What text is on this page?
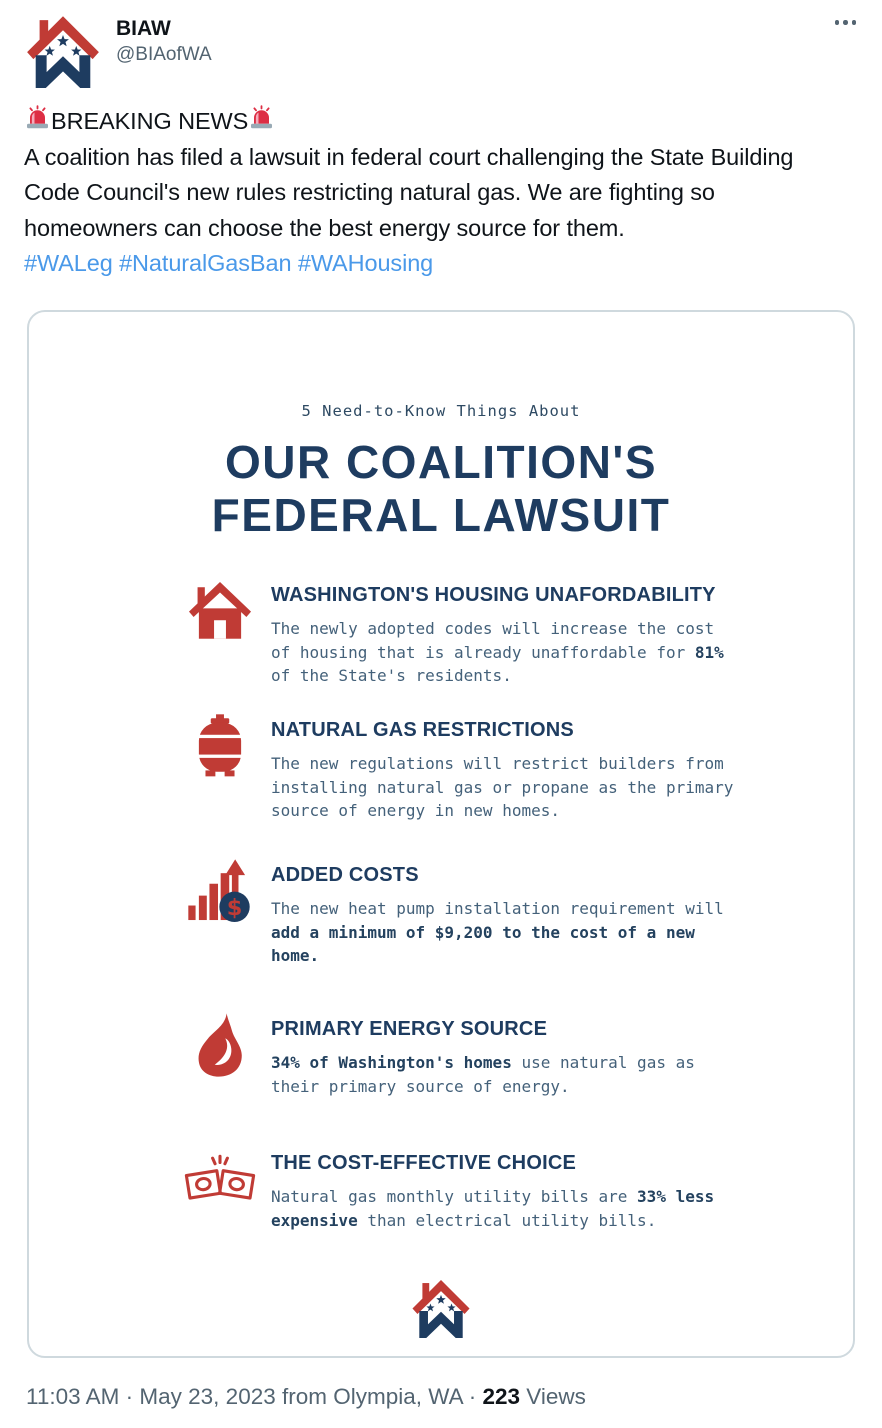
BIAW
@BIAofWA

BREAKING NEWS

A coalition has filed a lawsuit in federal court challenging the State Building Code Council's new rules restricting natural gas. We are fighting so homeowners can choose the best energy source for them.

#WALeg #NaturalGasBan #WAHousing

5 Need-to-Know Things About
OUR COALITION'S
FEDERAL LAWSUIT
WASHINGTON'S HOUSING UNAFORDABILITY
The newly adopted codes will increase the cost of housing that is already unaffordable for 81% of the State's residents.
NATURAL GAS RESTRICTIONS
The new regulations will restrict builders from installing natural gas or propane as the primary source of energy in new homes.
$
ADDED COSTS
The new heat pump installation requirement will add a minimum of $9,200 to the cost of a new home.
PRIMARY ENERGY SOURCE
34% of Washington's homes use natural gas as their primary source of energy.
THE COST-EFFECTIVE CHOICE
Natural gas monthly utility bills are 33% less expensive than electrical utility bills.
11:03 AM · May 23, 2023 from Olympia, WA · 223 Views
